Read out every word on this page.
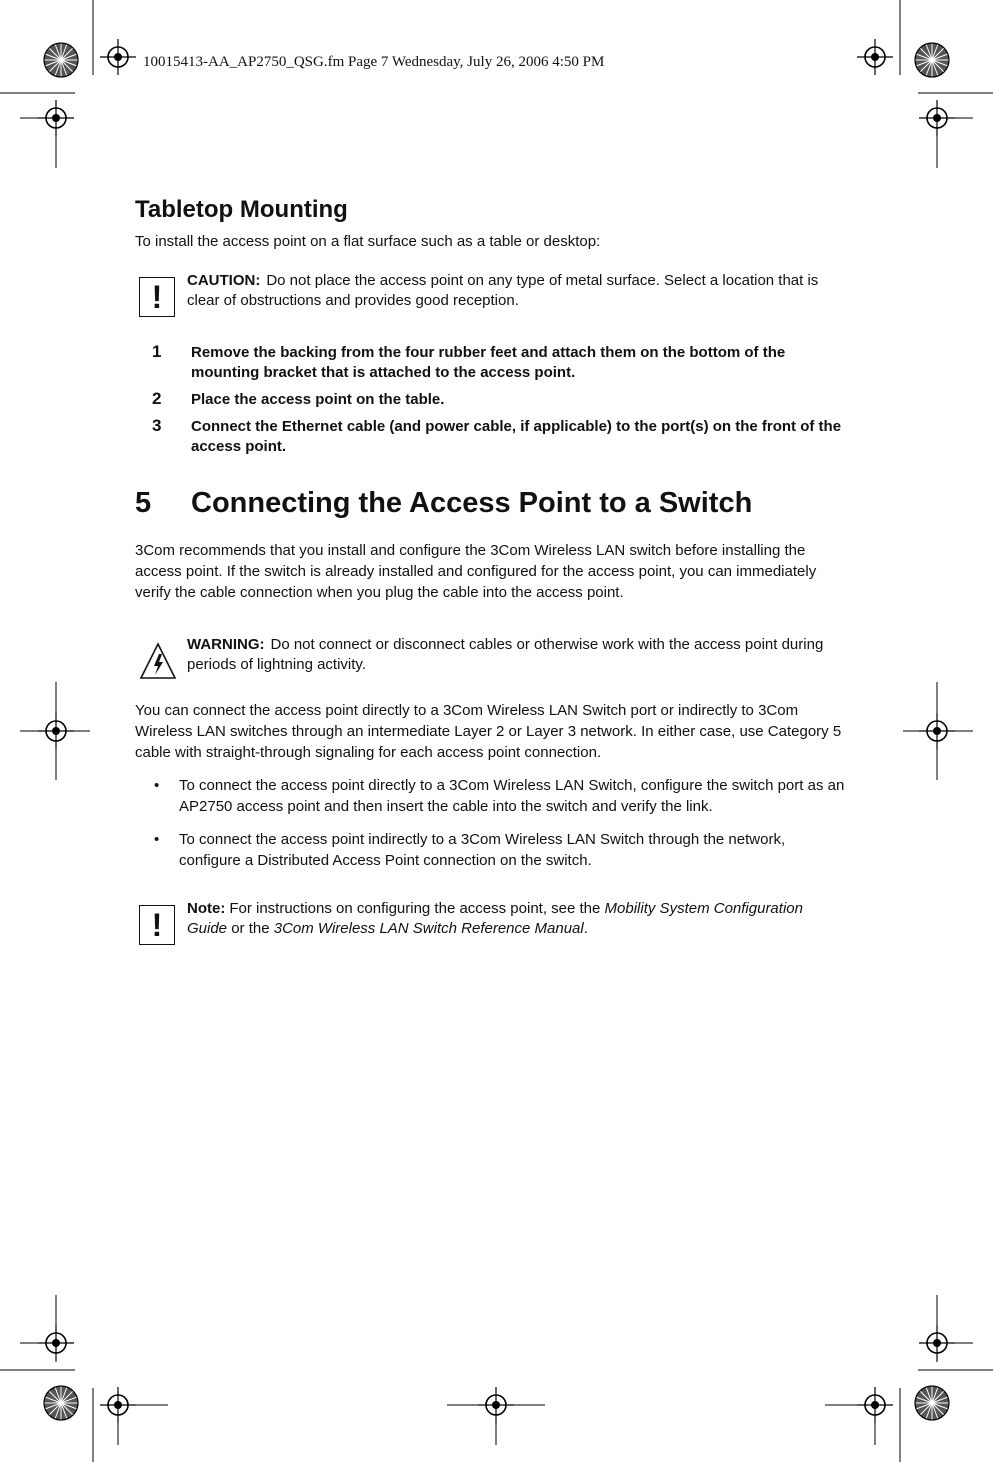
10015413-AA_AP2750_QSG.fm Page 7 Wednesday, July 26, 2006 4:50 PM
Tabletop Mounting

To install the access point on a flat surface such as a table or desktop:

!	CAUTION: Do not place the access point on any type of metal surface. Select a location that is clear of obstructions and provides good reception.
1 Remove the backing from the four rubber feet and attach them on the bottom of the mounting bracket that is attached to the access point.
2 Place the access point on the table.
3 Connect the Ethernet cable (and power cable, if applicable) to the port(s) on the front of the access point.
5	Connecting the Access Point to a Switch

3Com recommends that you install and configure the 3Com Wireless LAN switch before installing the access point. If the switch is already installed and configured for the access point, you can immediately verify the cable connection when you plug the cable into the access point.

WARNING: Do not connect or disconnect cables or otherwise work with the access point during periods of lightning activity.

You can connect the access point directly to a 3Com Wireless LAN Switch port or indirectly to 3Com Wireless LAN switches through an intermediate Layer 2 or Layer 3 network. In either case, use Category 5 cable with straight-through signaling for each access point connection.

• To connect the access point directly to a 3Com Wireless LAN Switch, configure the switch port as an AP2750 access point and then insert the cable into the switch and verify the link.
• To connect the access point indirectly to a 3Com Wireless LAN Switch through the network, configure a Distributed Access Point connection on the switch.
!	Note: For instructions on configuring the access point, see the Mobility System Configuration Guide or the 3Com Wireless LAN Switch Reference Manual.
